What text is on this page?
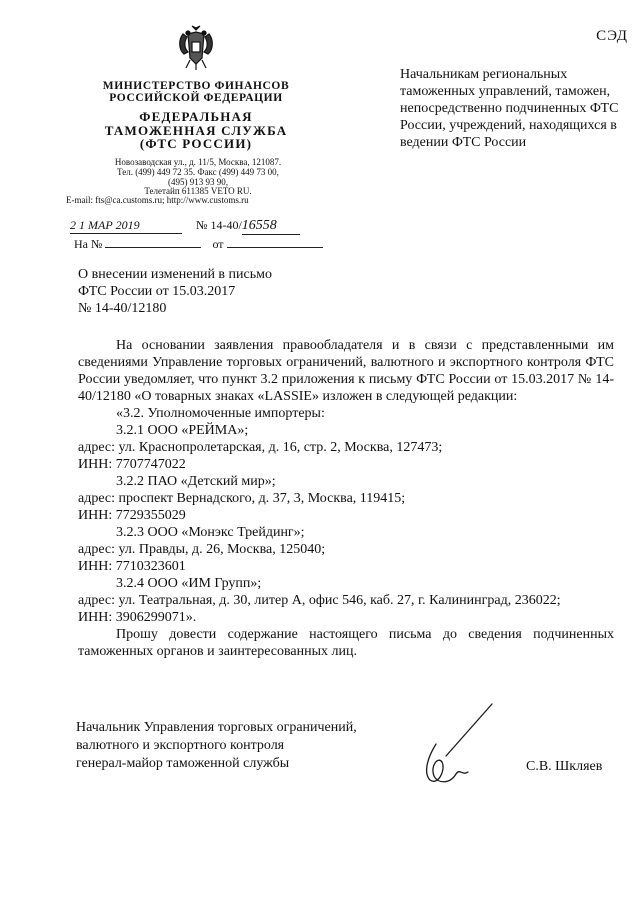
СЭД
МИНИСТЕРСТВО ФИНАНСОВ
РОССИЙСКОЙ ФЕДЕРАЦИИ
ФЕДЕРАЛЬНАЯ
ТАМОЖЕННАЯ СЛУЖБА
(ФТС РОССИИ)
Новозаводская ул., д. 11/5, Москва, 121087.
Тел. (499) 449 72 35. Факс (499) 449 73 00,
(495) 913 93 90,
Телетайп 611385 VETO RU.
E-mail: fts@ca.customs.ru; http://www.customs.ru
2 1 МАР 2019	№ 14-40/16558
На №	от
Начальникам региональных таможенных управлений, таможен, непосредственно подчиненных ФТС России, учреждений, находящихся в ведении ФТС России
О внесении изменений в письмо
ФТС России от 15.03.2017
№ 14-40/12180

На основании заявления правообладателя и в связи с представленными им сведениями Управление торговых ограничений, валютного и экспортного контроля ФТС России уведомляет, что пункт 3.2 приложения к письму ФТС России от 15.03.2017 № 14-40/12180 «О товарных знаках «LASSIE» изложен в следующей редакции:

«3.2. Уполномоченные импортеры:

3.2.1 ООО «РЕЙМА»;

адрес: ул. Краснопролетарская, д. 16, стр. 2, Москва, 127473;

ИНН: 7707747022

3.2.2 ПАО «Детский мир»;

адрес: проспект Вернадского, д. 37, 3, Москва, 119415;

ИНН: 7729355029

3.2.3 ООО «Монэкс Трейдинг»;

адрес: ул. Правды, д. 26, Москва, 125040;

ИНН: 7710323601

3.2.4 ООО «ИМ Групп»;

адрес: ул. Театральная, д. 30, литер А, офис 546, каб. 27, г. Калининград, 236022;

ИНН: 3906299071».

Прошу довести содержание настоящего письма до сведения подчиненных таможенных органов и заинтересованных лиц.

Начальник Управления торговых ограничений,
валютного и экспортного контроля
генерал-майор таможенной службы	С.В. Шкляев
